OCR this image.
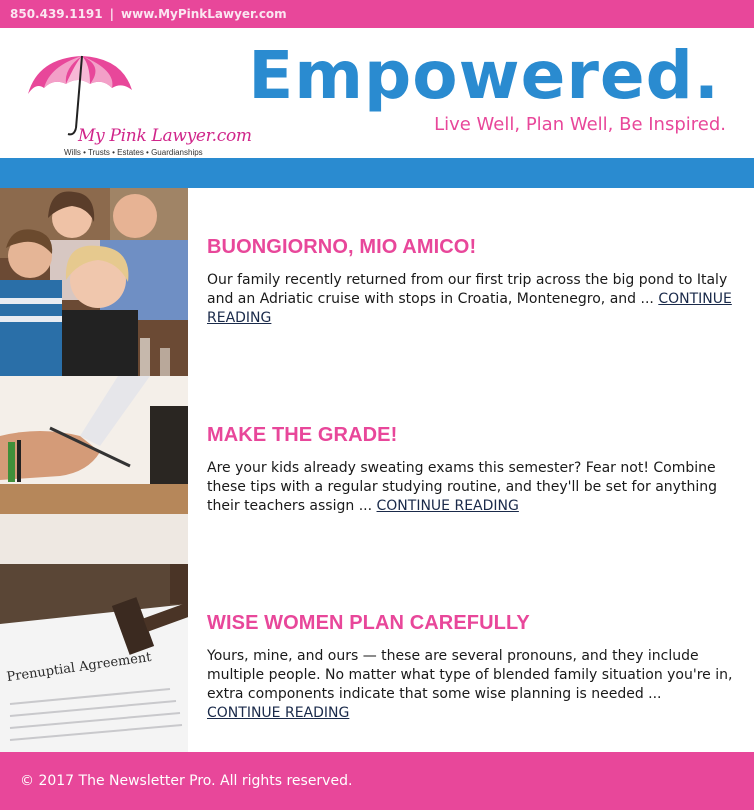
850.439.1191 | www.MyPinkLawyer.com
My Pink Lawyer.com
Wills • Trusts • Estates • Guardianships
Empowered.
Live Well, Plan Well, Be Inspired.
BUONGIORNO, MIO AMICO!

Our family recently returned from our first trip across the big pond to Italy and an Adriatic cruise with stops in Croatia, Montenegro, and ... CONTINUE READING

MAKE THE GRADE!

Are your kids already sweating exams this semester? Fear not! Combine these tips with a regular studying routine, and they'll be set for anything their teachers assign ... CONTINUE READING

Prenuptial Agreement
WISE WOMEN PLAN CAREFULLY

Yours, mine, and ours — these are several pronouns, and they include multiple people. No matter what type of blended family situation you're in, extra components indicate that some wise planning is needed ... CONTINUE READING

© 2017 The Newsletter Pro. All rights reserved.
